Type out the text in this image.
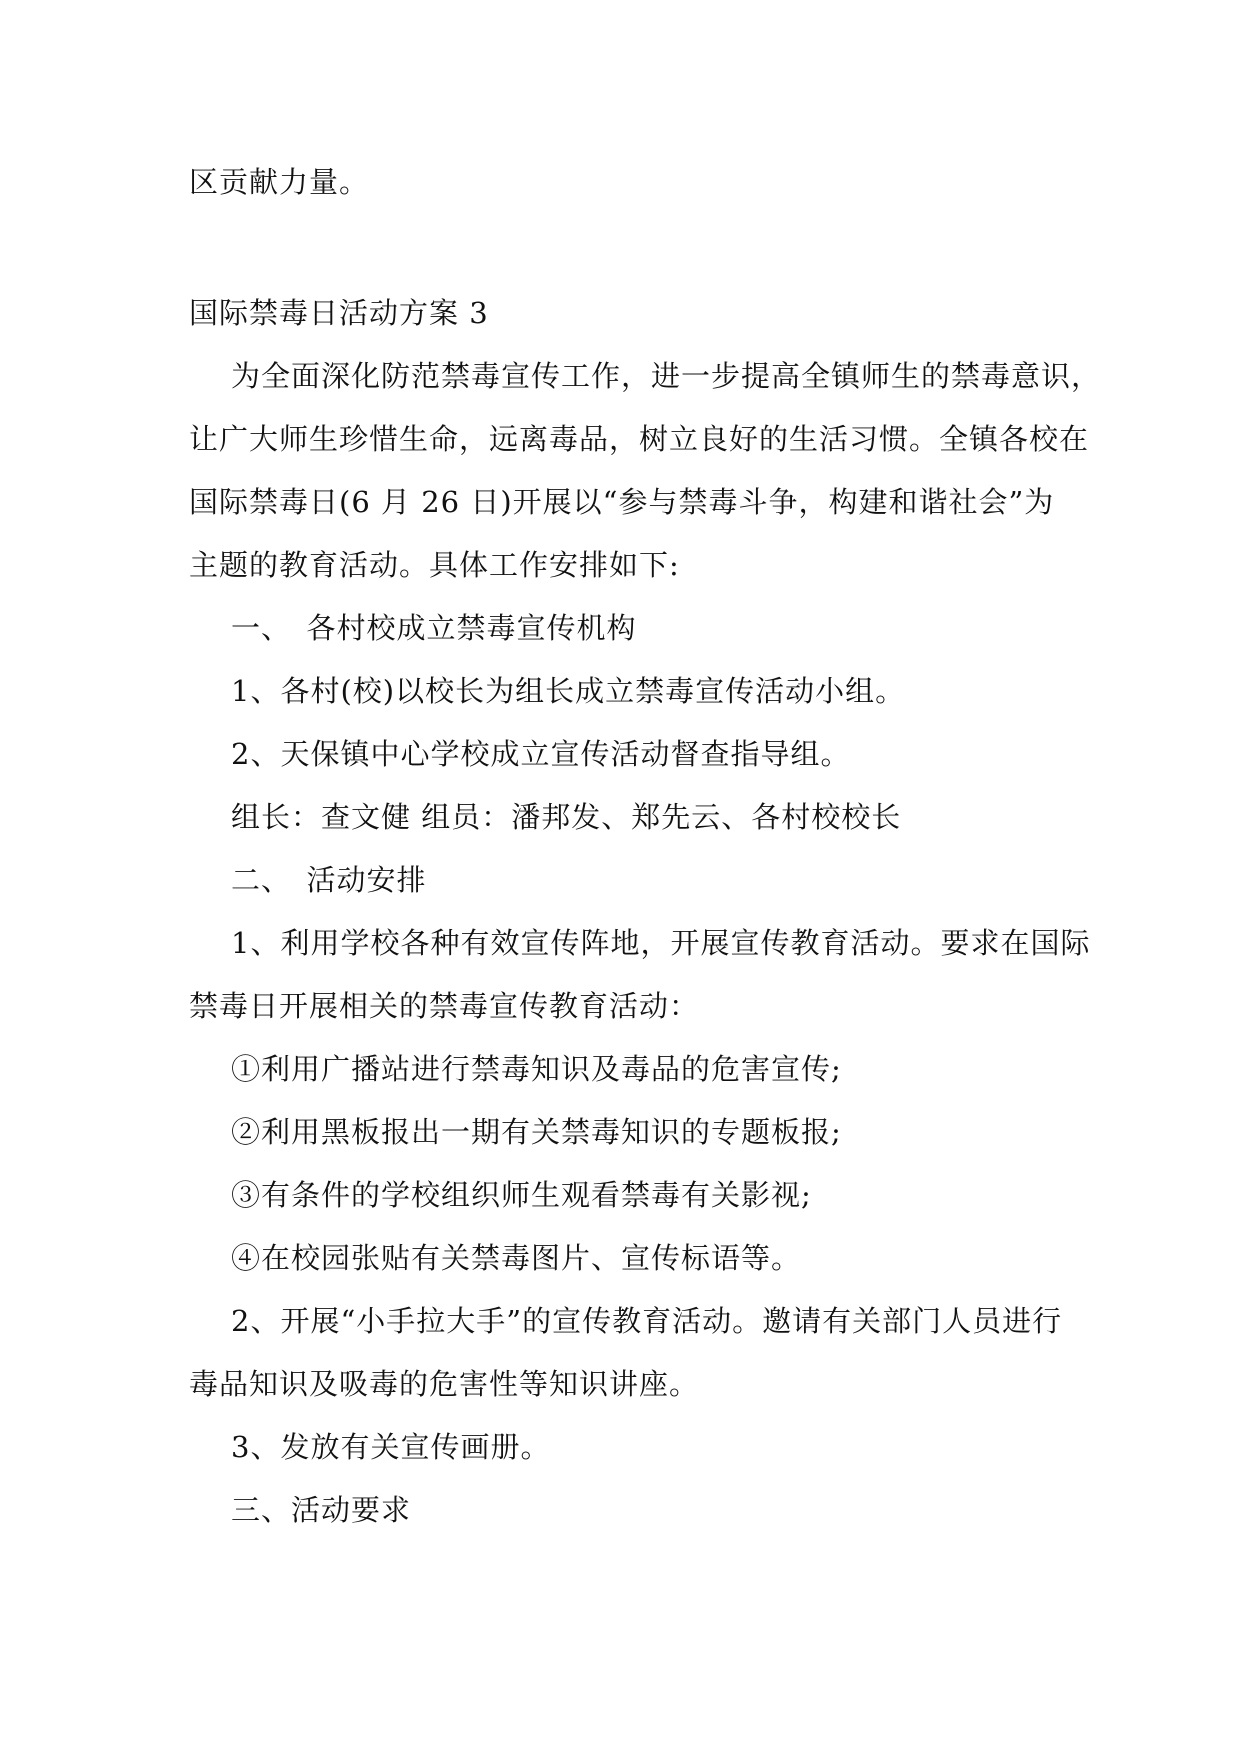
区贡献力量。
国际禁毒日活动方案 3
为全面深化防范禁毒宣传工作，进一步提高全镇师生的禁毒意识，
让广大师生珍惜生命，远离毒品，树立良好的生活习惯。全镇各校在
国际禁毒日(6 月 26 日)开展以“参与禁毒斗争，构建和谐社会”为
主题的教育活动。具体工作安排如下:
一、　各村校成立禁毒宣传机构
1、各村(校)以校长为组长成立禁毒宣传活动小组。
2、天保镇中心学校成立宣传活动督查指导组。
组长：查文健 组员：潘邦发、郑先云、各村校校长
二、　活动安排
1、利用学校各种有效宣传阵地，开展宣传教育活动。要求在国际
禁毒日开展相关的禁毒宣传教育活动：
①利用广播站进行禁毒知识及毒品的危害宣传;
②利用黑板报出一期有关禁毒知识的专题板报;
③有条件的学校组织师生观看禁毒有关影视;
④在校园张贴有关禁毒图片、宣传标语等。
2、开展“小手拉大手”的宣传教育活动。邀请有关部门人员进行
毒品知识及吸毒的危害性等知识讲座。
3、发放有关宣传画册。
三、活动要求
